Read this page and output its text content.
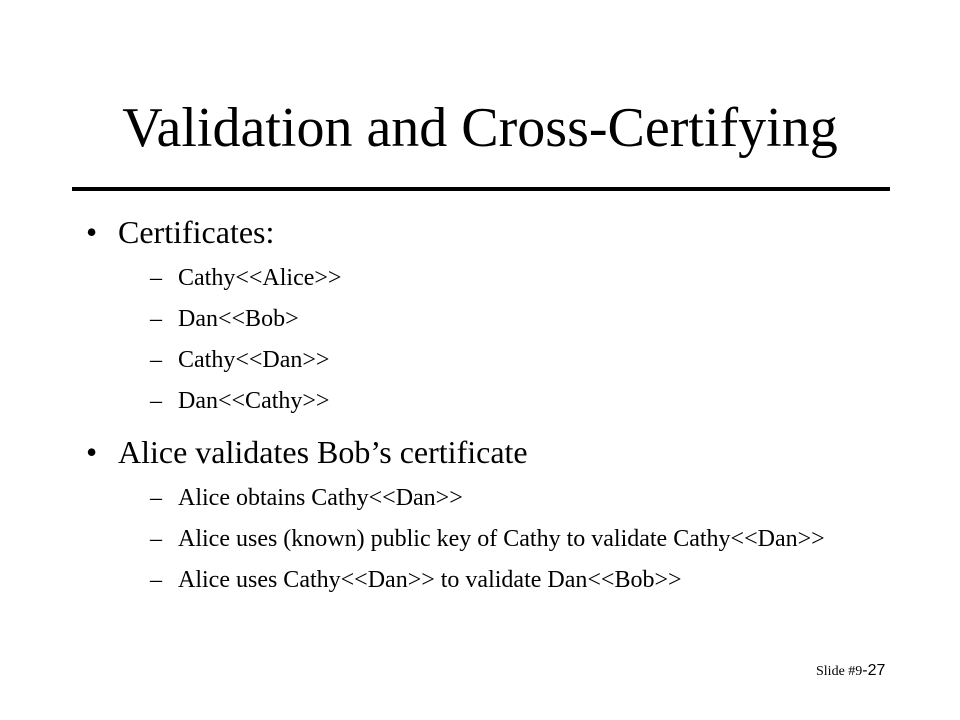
Validation and Cross-Certifying
• Certificates:
– Cathy<<Alice>>
– Dan<<Bob>
– Cathy<<Dan>>
– Dan<<Cathy>>
• Alice validates Bob’s certificate
– Alice obtains Cathy<<Dan>>
– Alice uses (known) public key of Cathy to validate Cathy<<Dan>>
– Alice uses Cathy<<Dan>> to validate Dan<<Bob>>
Slide #9-27
